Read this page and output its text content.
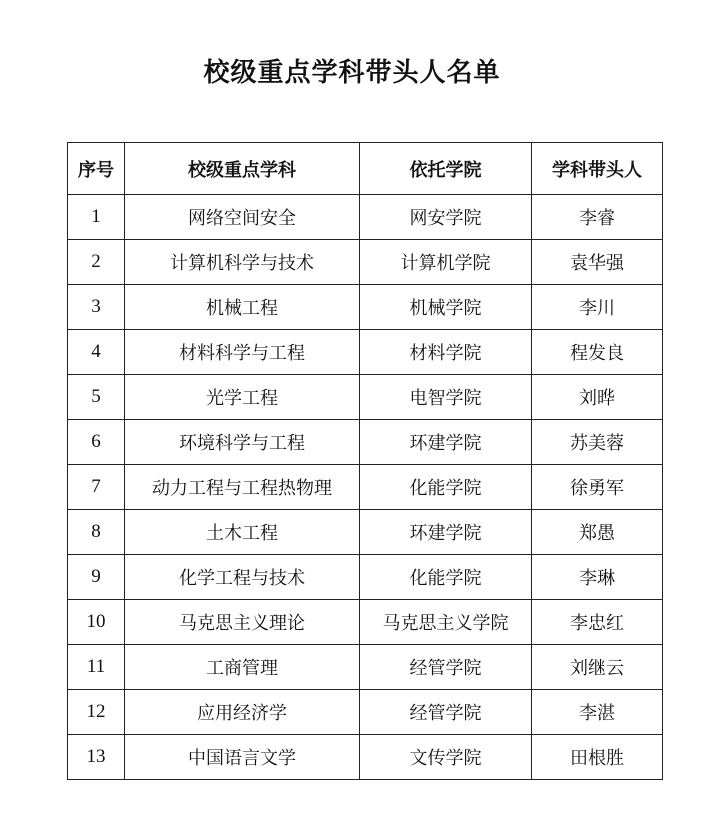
校级重点学科带头人名单
序号	校级重点学科	依托学院	学科带头人
1	网络空间安全	网安学院	李睿
2	计算机科学与技术	计算机学院	袁华强
3	机械工程	机械学院	李川
4	材料科学与工程	材料学院	程发良
5	光学工程	电智学院	刘晔
6	环境科学与工程	环建学院	苏美蓉
7	动力工程与工程热物理	化能学院	徐勇军
8	土木工程	环建学院	郑愚
9	化学工程与技术	化能学院	李琳
10	马克思主义理论	马克思主义学院	李忠红
11	工商管理	经管学院	刘继云
12	应用经济学	经管学院	李湛
13	中国语言文学	文传学院	田根胜
